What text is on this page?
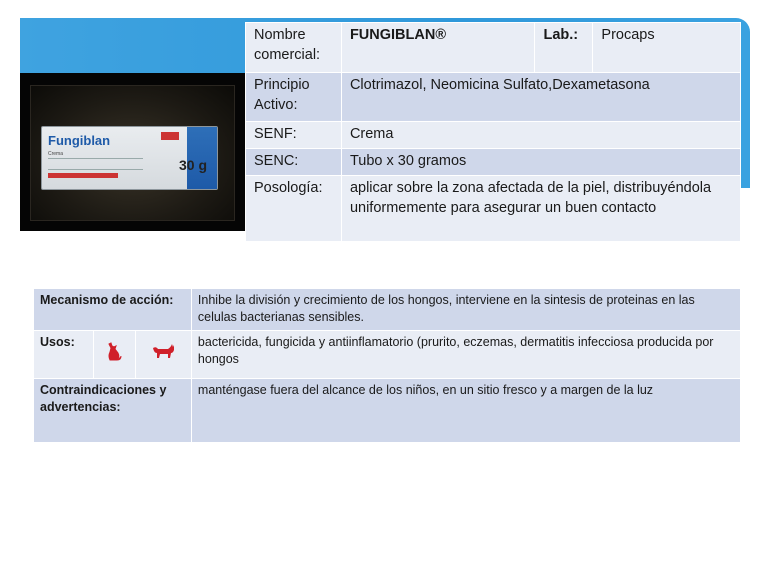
Fungiblan
Crema
30 g
Nombre comercial:	FUNGIBLAN®	Lab.:	Procaps
Principio Activo:	Clotrimazol, Neomicina Sulfato,Dexametasona		
SENF:	Crema		
SENC:	Tubo x 30 gramos		
Posología:	aplicar sobre la zona afectada de la piel, distribuyéndola uniformemente para asegurar un buen contacto		
Mecanismo de acción:			Inhibe la división y crecimiento de los hongos, interviene en la sintesis de proteinas en las celulas bacterianas sensibles.
Usos:			bactericida, fungicida y antiinflamatorio (prurito, eczemas, dermatitis infecciosa producida por hongos
Contraindicaciones y advertencias:			manténgase fuera del alcance de los niños, en un sitio fresco y a margen de la luz
